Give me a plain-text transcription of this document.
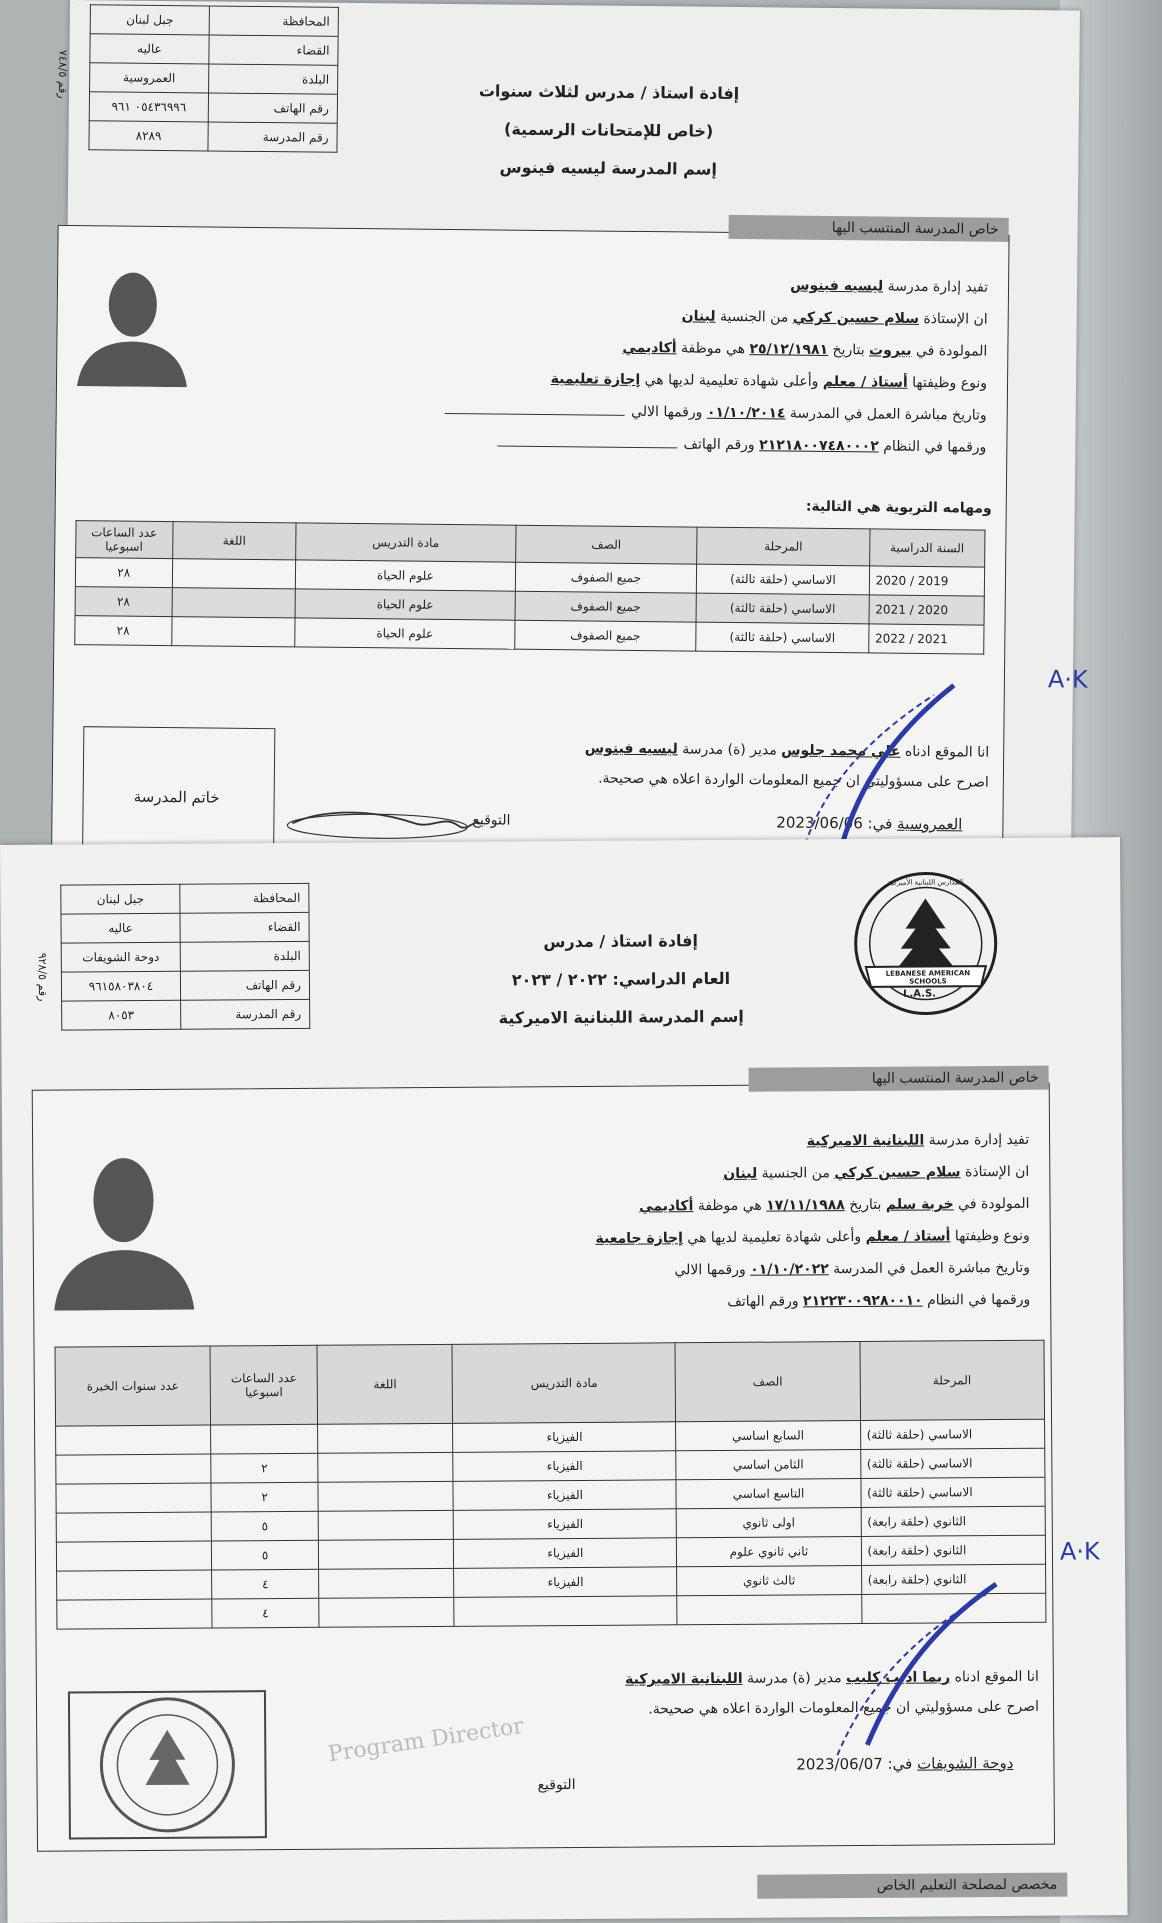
رقم ٧٤٨/٥
المحافظة	جبل لبنان
القضاء	عاليه
البلدة	العمروسية
رقم الهاتف	٠٥٤٣٦٩٩٦ ٩٦١
رقم المدرسة	٨٢٨٩
إفادة استاذ / مدرس لثلاث سنوات
(خاص للإمتحانات الرسمية)
إسم المدرسة ليسيه فينوس
خاص المدرسة المنتسب اليها
تفيد إدارة مدرسة ليسيه فينوس
ان الإستاذة سلام حسين كركي من الجنسية لبنان
المولودة في بيروت بتاريخ ٢٥/١٢/١٩٨١ هي موظفة أكاديمي
ونوع وظيفتها أستاذ / معلم وأعلى شهادة تعليمية لديها هي إجازة تعليمية
وتاريخ مباشرة العمل في المدرسة ٠١/١٠/٢٠١٤ ورقمها الالي
ورقمها في النظام ٢١٢١٨٠٠٧٤٨٠٠٠٢ ورقم الهاتف
ومهامه التربوية هي التالية:
السنة الدراسية	المرحلة	الصف	مادة التدريس	اللغة	عدد الساعات اسبوعيا
2019 / 2020	الاساسي (حلقة ثالثة)	جميع الصفوف	علوم الحياة		٢٨
2020 / 2021	الاساسي (حلقة ثالثة)	جميع الصفوف	علوم الحياة		٢٨
2021 / 2022	الاساسي (حلقة ثالثة)	جميع الصفوف	علوم الحياة		٢٨
انا الموقع ادناه علي محمد جلوس مدير (ة) مدرسة ليسيه فينوس
اصرح على مسؤوليتي ان جميع المعلومات الواردة اعلاه هي صحيحة.
خاتم المدرسة
التوقيع	العمروسية في: 2023/06/06
A·K
رقم ٩٢٨/٥
المحافظة	جبل لبنان
القضاء	عاليه
البلدة	دوحة الشويفات
رقم الهاتف	٩٦١٥٨٠٣٨٠٤
رقم المدرسة	٨٠٥٣
إفادة استاذ / مدرس
العام الدراسي: ٢٠٢٢ / ٢٠٢٣
إسم المدرسة اللبنانية الاميركية
LEBANESE AMERICAN SCHOOLS
L.A.S.
المدارس اللبنانية الأميركية
خاص المدرسة المنتسب اليها
تفيد إدارة مدرسة اللبنانية الاميركية
ان الإستاذة سلام حسين كركي من الجنسية لبنان
المولودة في خربة سلم بتاريخ ١٧/١١/١٩٨٨ هي موظفة أكاديمي
ونوع وظيفتها أستاذ / معلم وأعلى شهادة تعليمية لديها هي إجازة جامعية
وتاريخ مباشرة العمل في المدرسة ٠١/١٠/٢٠٢٢ ورقمها الالي
ورقمها في النظام ٢١٢٢٣٠٠٩٢٨٠٠١٠ ورقم الهاتف
المرحلة	الصف	مادة التدريس	اللغة	عدد الساعات اسبوعيا	عدد سنوات الخبرة
الاساسي (حلقة ثالثة)	السابع اساسي	الفيزياء			
الاساسي (حلقة ثالثة)	الثامن اساسي	الفيزياء		٢	
الاساسي (حلقة ثالثة)	التاسع اساسي	الفيزياء		٢	
الثانوي (حلقة رابعة)	اولى ثانوي	الفيزياء		٥	
الثانوي (حلقة رابعة)	ثاني ثانوي علوم	الفيزياء		٥	
الثانوي (حلقة رابعة)	ثالث ثانوي	الفيزياء		٤	
				٤	
انا الموقع ادناه ريما اديب كليب مدير (ة) مدرسة اللبنانية الاميركية
اصرح على مسؤوليتي ان جميع المعلومات الواردة اعلاه هي صحيحة.
Program Director
التوقيع
دوحة الشويفات في: 2023/06/07
A·K
مخصص لمصلحة التعليم الخاص
